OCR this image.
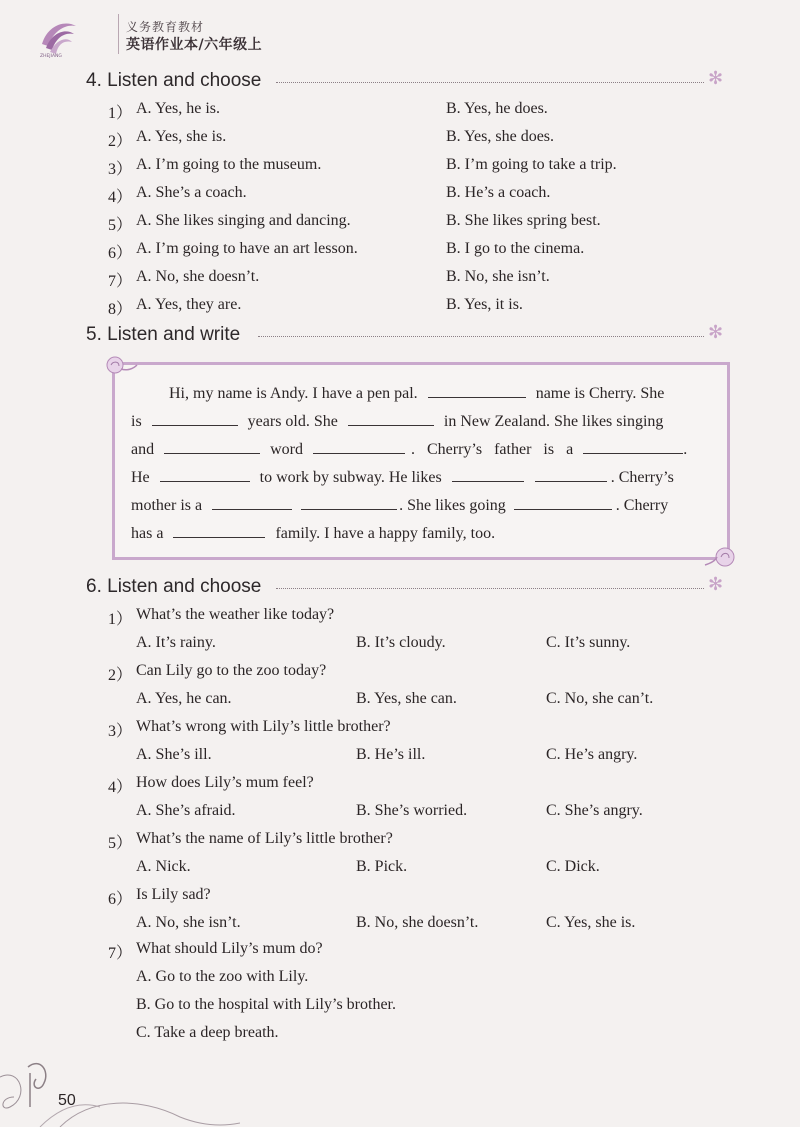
ZHEJIANG
义务教育教材
英语作业本/六年级上
4. Listen and choose	✻
1） A. Yes, he is.	B. Yes, he does.
2） A. Yes, she is.	B. Yes, she does.
3） A. I’m going to the museum.	B. I’m going to take a trip.
4） A. She’s a coach.	B. He’s a coach.
5） A. She likes singing and dancing.	B. She likes spring best.
6） A. I’m going to have an art lesson.	B. I go to the cinema.
7） A. No, she doesn’t.	B. No, she isn’t.
8） A. Yes, they are.	B. Yes, it is.
5. Listen and write	✻
Hi, my name is Andy. I have a pen pal.	name is Cherry. She
is	years old. She	in New Zealand. She likes singing
and	word	.   Cherry’s   father   is   a	.
He	to work by subway. He likes	. Cherry’s
mother is a	. She likes going	. Cherry
has a	family. I have a happy family, too.
6. Listen and choose	✻
1） What’s the weather like today?
A. It’s rainy.	B. It’s cloudy.	C. It’s sunny.
2） Can Lily go to the zoo today?
A. Yes, he can.	B. Yes, she can.	C. No, she can’t.
3） What’s wrong with Lily’s little brother?
A. She’s ill.	B. He’s ill.	C. He’s angry.
4） How does Lily’s mum feel?
A. She’s afraid.	B. She’s worried.	C. She’s angry.
5） What’s the name of Lily’s little brother?
A. Nick.	B. Pick.	C. Dick.
6） Is Lily sad?
A. No, she isn’t.	B. No, she doesn’t.	C. Yes, she is.
7） What should Lily’s mum do?
A. Go to the zoo with Lily.
B. Go to the hospital with Lily’s brother.
C. Take a deep breath.
50
